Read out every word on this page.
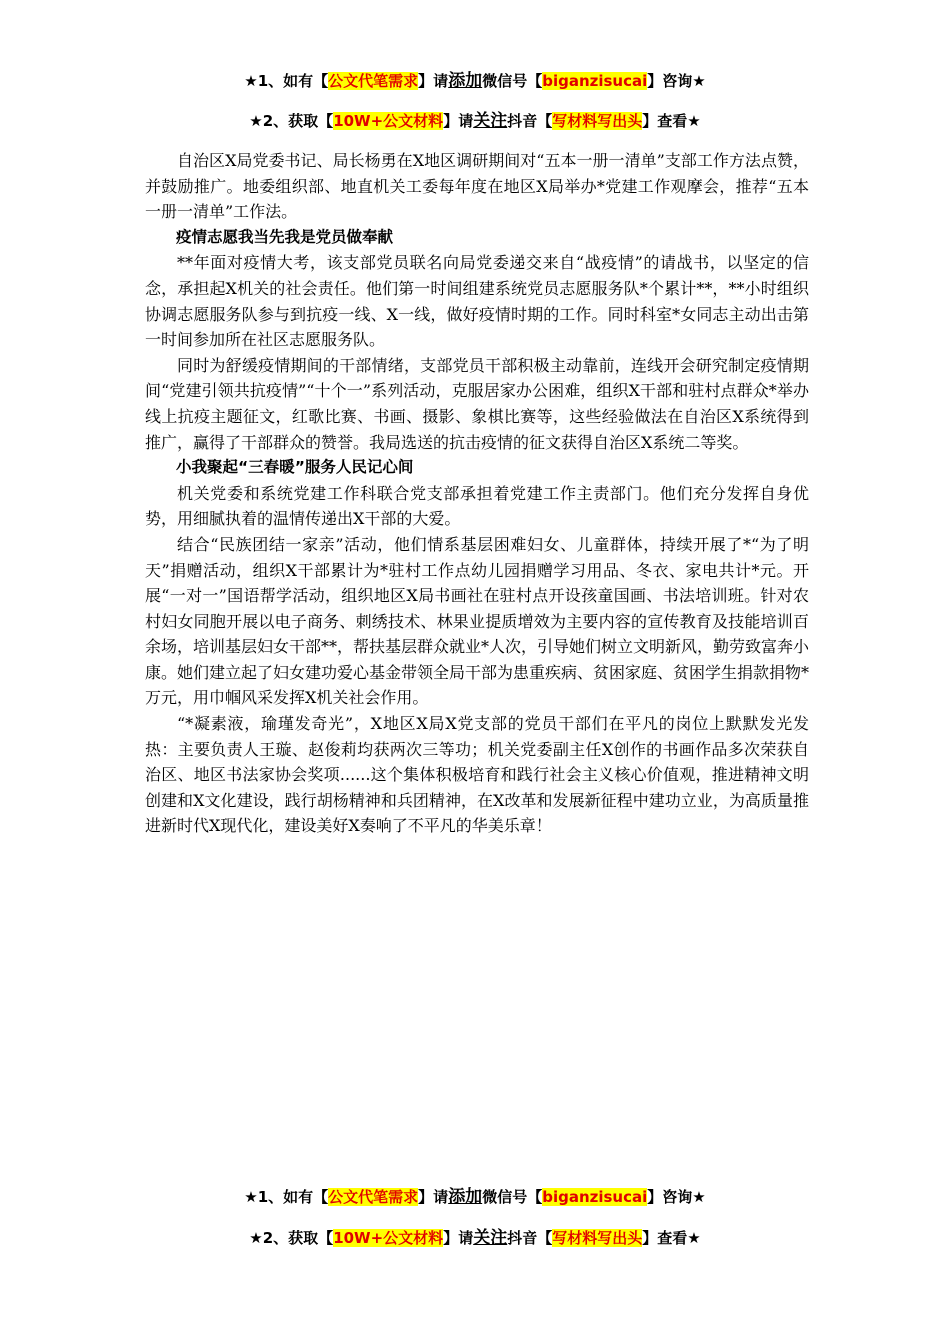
★1、如有【公文代笔需求】请添加微信号【biganzisucai】咨询★
★2、获取【10W+公文材料】请关注抖音【写材料写出头】查看★

自治区X局党委书记、局长杨勇在X地区调研期间对“五本一册一清单”支部工作方法点赞，并鼓励推广。地委组织部、地直机关工委每年度在地区X局举办*党建工作观摩会，推荐“五本一册一清单”工作法。

疫情志愿我当先我是党员做奉献

**年面对疫情大考，该支部党员联名向局党委递交来自“战疫情”的请战书，以坚定的信念，承担起X机关的社会责任。他们第一时间组建系统党员志愿服务队*个累计**，**小时组织协调志愿服务队参与到抗疫一线、X一线，做好疫情时期的工作。同时科室*女同志主动出击第一时间参加所在社区志愿服务队。

同时为舒缓疫情期间的干部情绪，支部党员干部积极主动靠前，连线开会研究制定疫情期间“党建引领共抗疫情”“十个一”系列活动，克服居家办公困难，组织X干部和驻村点群众*举办线上抗疫主题征文，红歌比赛、书画、摄影、象棋比赛等，这些经验做法在自治区X系统得到推广，赢得了干部群众的赞誉。我局选送的抗击疫情的征文获得自治区X系统二等奖。

小我聚起“三春暖”服务人民记心间

机关党委和系统党建工作科联合党支部承担着党建工作主责部门。他们充分发挥自身优势，用细腻执着的温情传递出X干部的大爱。

结合“民族团结一家亲”活动，他们情系基层困难妇女、儿童群体，持续开展了*“为了明天”捐赠活动，组织X干部累计为*驻村工作点幼儿园捐赠学习用品、冬衣、家电共计*元。开展“一对一”国语帮学活动，组织地区X局书画社在驻村点开设孩童国画、书法培训班。针对农村妇女同胞开展以电子商务、刺绣技术、林果业提质增效为主要内容的宣传教育及技能培训百余场，培训基层妇女干部**，帮扶基层群众就业*人次，引导她们树立文明新风，勤劳致富奔小康。她们建立起了妇女建功爱心基金带领全局干部为患重疾病、贫困家庭、贫困学生捐款捐物*万元，用巾帼风采发挥X机关社会作用。

“*凝素液，瑜瑾发奇光”，X地区X局X党支部的党员干部们在平凡的岗位上默默发光发热：主要负责人王璇、赵俊莉均获两次三等功；机关党委副主任X创作的书画作品多次荣获自治区、地区书法家协会奖项......这个集体积极培育和践行社会主义核心价值观，推进精神文明创建和X文化建设，践行胡杨精神和兵团精神，在X改革和发展新征程中建功立业，为高质量推进新时代X现代化，建设美好X奏响了不平凡的华美乐章！

★1、如有【公文代笔需求】请添加微信号【biganzisucai】咨询★
★2、获取【10W+公文材料】请关注抖音【写材料写出头】查看★
